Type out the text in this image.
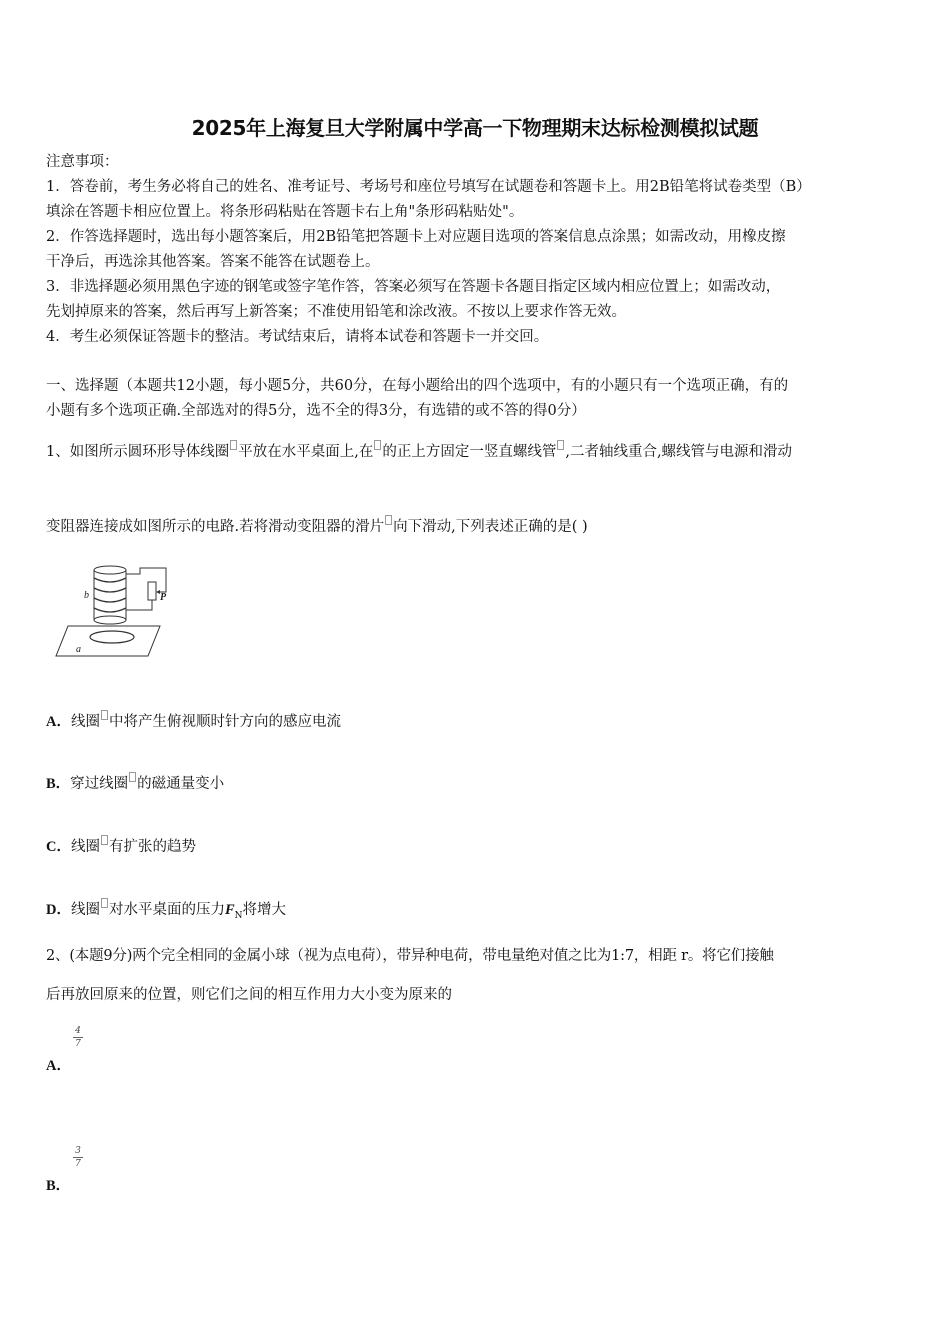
2025年上海复旦大学附属中学高一下物理期末达标检测模拟试题
注意事项：
1．答卷前，考生务必将自己的姓名、准考证号、考场号和座位号填写在试题卷和答题卡上。用2B铅笔将试卷类型（B）
填涂在答题卡相应位置上。将条形码粘贴在答题卡右上角"条形码粘贴处"。
2．作答选择题时，选出每小题答案后，用2B铅笔把答题卡上对应题目选项的答案信息点涂黑；如需改动，用橡皮擦
干净后，再选涂其他答案。答案不能答在试题卷上。
3．非选择题必须用黑色字迹的钢笔或签字笔作答，答案必须写在答题卡各题目指定区域内相应位置上；如需改动，
先划掉原来的答案，然后再写上新答案；不准使用铅笔和涂改液。不按以上要求作答无效。
4．考生必须保证答题卡的整洁。考试结束后，请将本试卷和答题卡一并交回。
一、选择题（本题共12小题，每小题5分，共60分，在每小题给出的四个选项中，有的小题只有一个选项正确，有的
小题有多个选项正确.全部选对的得5分，选不全的得3分，有选错的或不答的得0分）
1、如图所示圆环形导体线圈 平放在水平桌面上,在 的正上方固定一竖直螺线管 ,二者轴线重合,螺线管与电源和滑动
变阻器连接成如图所示的电路.若将滑动变阻器的滑片 向下滑动,下列表述正确的是( )
b	P
a
A．线圈 中将产生俯视顺时针方向的感应电流
B．穿过线圈 的磁通量变小
C．线圈 有扩张的趋势
D．线圈 对水平桌面的压力$F_N$将增大
2、(本题9分)两个完全相同的金属小球（视为点电荷），带异种电荷，带电量绝对值之比为1:7，相距 r。将它们接触
后再放回原来的位置，则它们之间的相互作用力大小变为原来的
4
7
A．
3
7
B．
